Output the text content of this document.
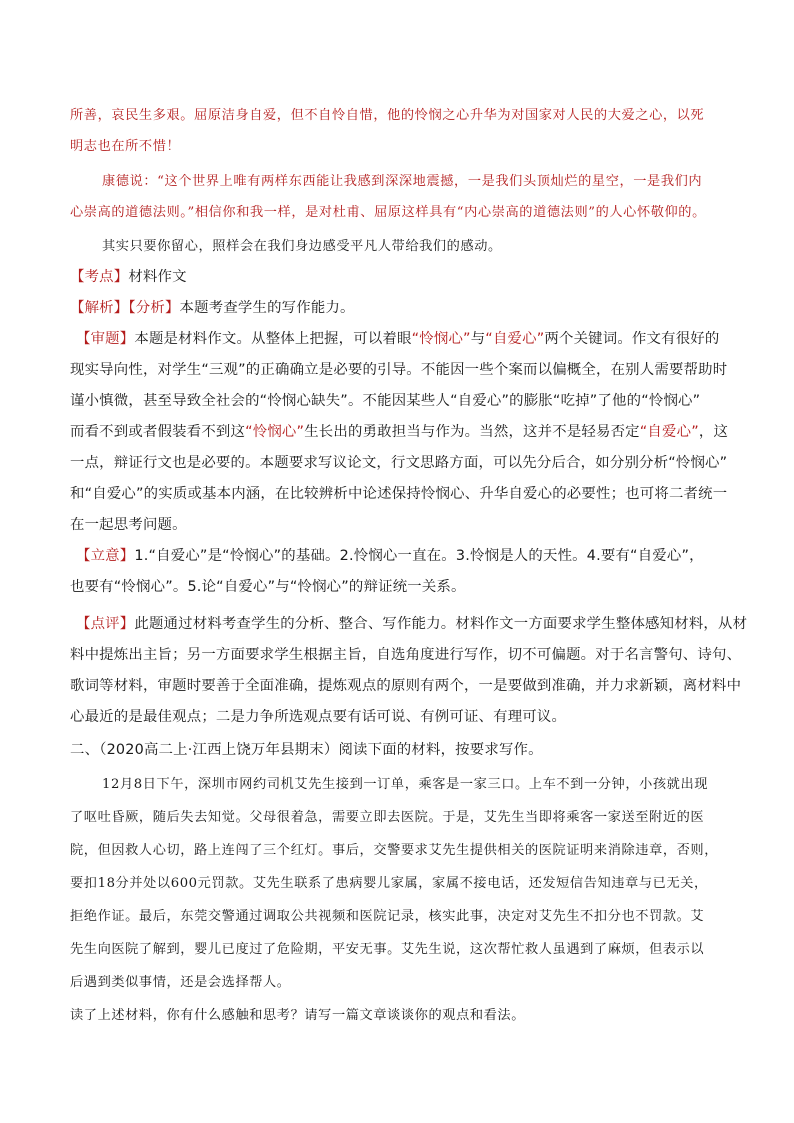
所善，哀民生多艰。屈原洁身自爱，但不自怜自惜，他的怜悯之心升华为对国家对人民的大爱之心，以死
明志也在所不惜！
康德说：“这个世界上唯有两样东西能让我感到深深地震撼，一是我们头顶灿烂的星空，一是我们内
心崇高的道德法则。”相信你和我一样，是对杜甫、屈原这样具有“内心崇高的道德法则”的人心怀敬仰的。
其实只要你留心，照样会在我们身边感受平凡人带给我们的感动。
【考点】材料作文
【解析】【分析】本题考查学生的写作能力。
【审题】本题是材料作文。从整体上把握，可以着眼“怜悯心”与“自爱心”两个关键词。作文有很好的
现实导向性，对学生“三观”的正确确立是必要的引导。不能因一些个案而以偏概全，在别人需要帮助时
谨小慎微，甚至导致全社会的“怜悯心缺失”。不能因某些人“自爱心”的膨胀“吃掉”了他的“怜悯心”
而看不到或者假装看不到这“怜悯心”生长出的勇敢担当与作为。当然，这并不是轻易否定“自爱心”，这
一点，辩证行文也是必要的。本题要求写议论文，行文思路方面，可以先分后合，如分别分析“怜悯心”
和“自爱心”的实质或基本内涵，在比较辨析中论述保持怜悯心、升华自爱心的必要性；也可将二者统一
在一起思考问题。
【立意】1.“自爱心”是“怜悯心”的基础。2.怜悯心一直在。3.怜悯是人的天性。4.要有“自爱心”，
也要有“怜悯心”。5.论“自爱心”与“怜悯心”的辩证统一关系。
【点评】此题通过材料考查学生的分析、整合、写作能力。材料作文一方面要求学生整体感知材料，从材
料中提炼出主旨；另一方面要求学生根据主旨，自选角度进行写作，切不可偏题。对于名言警句、诗句、
歌词等材料，审题时要善于全面准确，提炼观点的原则有两个，一是要做到准确，并力求新颖，离材料中
心最近的是最佳观点；二是力争所选观点要有话可说、有例可证、有理可议。
二、（2020高二上·江西上饶万年县期末）阅读下面的材料，按要求写作。
12月8日下午，深圳市网约司机艾先生接到一订单，乘客是一家三口。上车不到一分钟，小孩就出现
了呕吐昏厥，随后失去知觉。父母很着急，需要立即去医院。于是，艾先生当即将乘客一家送至附近的医
院，但因救人心切，路上连闯了三个红灯。事后，交警要求艾先生提供相关的医院证明来消除违章，否则，
要扣18分并处以600元罚款。艾先生联系了患病婴儿家属，家属不接电话，还发短信告知违章与已无关，
拒绝作证。最后，东莞交警通过调取公共视频和医院记录，核实此事，决定对艾先生不扣分也不罚款。艾
先生向医院了解到，婴儿已度过了危险期，平安无事。艾先生说，这次帮忙救人虽遇到了麻烦，但表示以
后遇到类似事情，还是会选择帮人。
读了上述材料，你有什么感触和思考？请写一篇文章谈谈你的观点和看法。
